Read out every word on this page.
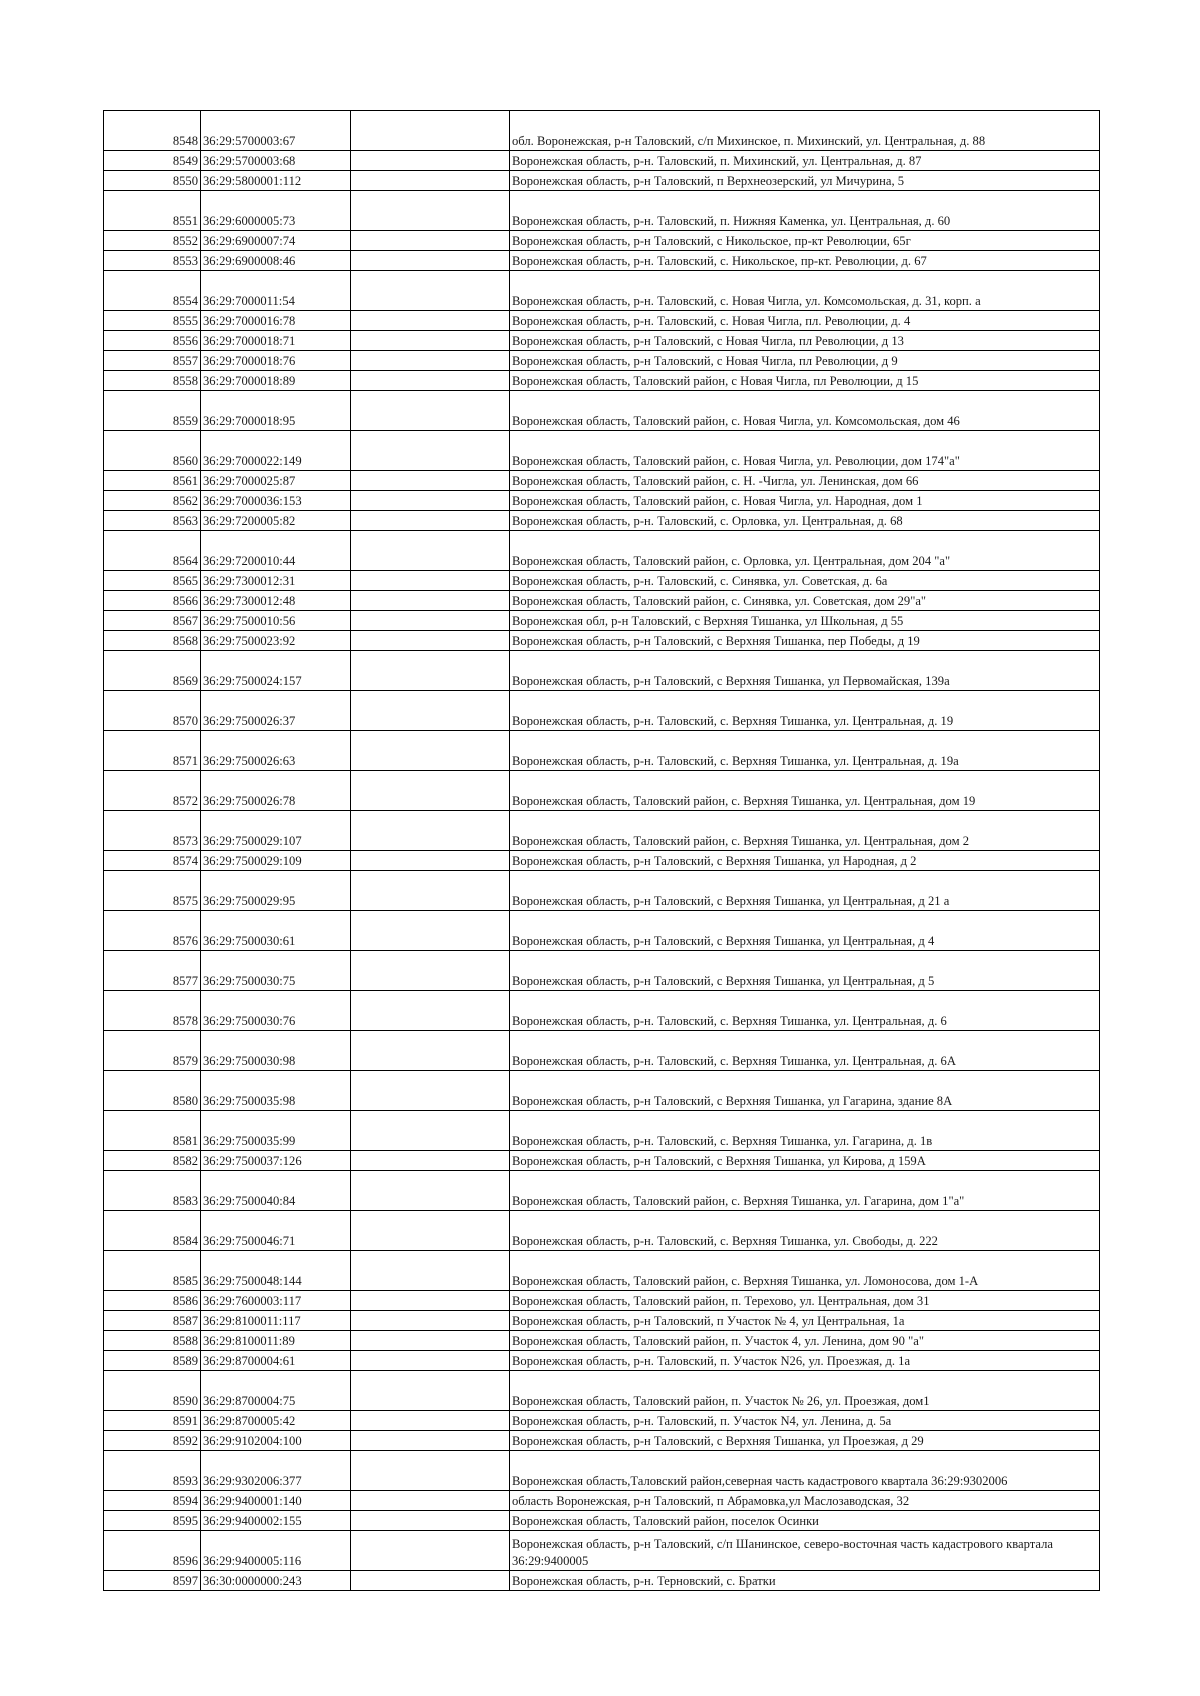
8548	36:29:5700003:67		обл. Воронежская, р-н Таловский, с/п Михинское, п. Михинский, ул. Центральная, д. 88
8549	36:29:5700003:68		Воронежская область, р-н. Таловский, п. Михинский, ул. Центральная, д. 87
8550	36:29:5800001:112		Воронежская область, р-н Таловский, п Верхнеозерский, ул Мичурина, 5
8551	36:29:6000005:73		Воронежская область, р-н. Таловский, п. Нижняя Каменка, ул. Центральная, д. 60
8552	36:29:6900007:74		Воронежская область, р-н Таловский, с Никольское, пр-кт Революции, 65г
8553	36:29:6900008:46		Воронежская область, р-н. Таловский, с. Никольское, пр-кт. Революции, д. 67
8554	36:29:7000011:54		Воронежская область, р-н. Таловский, с. Новая Чигла, ул. Комсомольская, д. 31, корп. а
8555	36:29:7000016:78		Воронежская область, р-н. Таловский, с. Новая Чигла, пл. Революции, д. 4
8556	36:29:7000018:71		Воронежская область, р-н Таловский, с Новая Чигла, пл Революции, д 13
8557	36:29:7000018:76		Воронежская область, р-н Таловский, с Новая Чигла, пл Революции, д 9
8558	36:29:7000018:89		Воронежская область, Таловский район, с Новая Чигла, пл Революции, д 15
8559	36:29:7000018:95		Воронежская область, Таловский район, с. Новая Чигла, ул. Комсомольская, дом 46
8560	36:29:7000022:149		Воронежская область, Таловский район, с. Новая Чигла, ул. Революции, дом 174"а"
8561	36:29:7000025:87		Воронежская область, Таловский район, с. Н. -Чигла, ул. Ленинская, дом 66
8562	36:29:7000036:153		Воронежская область, Таловский район, с. Новая Чигла, ул. Народная, дом 1
8563	36:29:7200005:82		Воронежская область, р-н. Таловский, с. Орловка, ул. Центральная, д. 68
8564	36:29:7200010:44		Воронежская область, Таловский район, с. Орловка, ул. Центральная, дом 204 "а"
8565	36:29:7300012:31		Воронежская область, р-н. Таловский, с. Синявка, ул. Советская, д. 6а
8566	36:29:7300012:48		Воронежская область, Таловский район, с. Синявка, ул. Советская, дом 29"а"
8567	36:29:7500010:56		Воронежская обл, р-н Таловский, с Верхняя Тишанка, ул Школьная, д 55
8568	36:29:7500023:92		Воронежская область, р-н Таловский, с Верхняя Тишанка, пер Победы, д 19
8569	36:29:7500024:157		Воронежская область, р-н Таловский, с Верхняя Тишанка, ул Первомайская, 139а
8570	36:29:7500026:37		Воронежская область, р-н. Таловский, с. Верхняя Тишанка, ул. Центральная, д. 19
8571	36:29:7500026:63		Воронежская область, р-н. Таловский, с. Верхняя Тишанка, ул. Центральная, д. 19а
8572	36:29:7500026:78		Воронежская область, Таловский район, с. Верхняя Тишанка, ул. Центральная, дом 19
8573	36:29:7500029:107		Воронежская область, Таловский район, с. Верхняя Тишанка, ул. Центральная, дом 2
8574	36:29:7500029:109		Воронежская область, р-н Таловский, с Верхняя Тишанка, ул Народная, д 2
8575	36:29:7500029:95		Воронежская область, р-н Таловский, с Верхняя Тишанка, ул Центральная, д 21 а
8576	36:29:7500030:61		Воронежская область, р-н Таловский, с Верхняя Тишанка, ул Центральная, д 4
8577	36:29:7500030:75		Воронежская область, р-н Таловский, с Верхняя Тишанка, ул Центральная, д 5
8578	36:29:7500030:76		Воронежская область, р-н. Таловский, с. Верхняя Тишанка, ул. Центральная, д. 6
8579	36:29:7500030:98		Воронежская область, р-н. Таловский, с. Верхняя Тишанка, ул. Центральная, д. 6А
8580	36:29:7500035:98		Воронежская область, р-н Таловский, с Верхняя Тишанка, ул Гагарина, здание 8А
8581	36:29:7500035:99		Воронежская область, р-н. Таловский, с. Верхняя Тишанка, ул. Гагарина, д. 1в
8582	36:29:7500037:126		Воронежская область, р-н Таловский, с Верхняя Тишанка, ул Кирова, д 159А
8583	36:29:7500040:84		Воронежская область, Таловский район, с. Верхняя Тишанка, ул. Гагарина, дом 1"а"
8584	36:29:7500046:71		Воронежская область, р-н. Таловский, с. Верхняя Тишанка, ул. Свободы, д. 222
8585	36:29:7500048:144		Воронежская область, Таловский район, с. Верхняя Тишанка, ул. Ломоносова, дом 1-А
8586	36:29:7600003:117		Воронежская область, Таловский район, п. Терехово, ул. Центральная, дом 31
8587	36:29:8100011:117		Воронежская область, р-н Таловский, п Участок № 4, ул Центральная, 1а
8588	36:29:8100011:89		Воронежская область, Таловский район, п. Участок 4, ул. Ленина, дом 90 "а"
8589	36:29:8700004:61		Воронежская область, р-н. Таловский, п. Участок N26, ул. Проезжая, д. 1а
8590	36:29:8700004:75		Воронежская область, Таловский район, п. Участок № 26, ул. Проезжая, дом1
8591	36:29:8700005:42		Воронежская область, р-н. Таловский, п. Участок N4, ул. Ленина, д. 5а
8592	36:29:9102004:100		Воронежская область, р-н Таловский, с Верхняя Тишанка, ул Проезжая, д 29
8593	36:29:9302006:377		Воронежская область,Таловский район,северная часть кадастрового квартала 36:29:9302006
8594	36:29:9400001:140		область Воронежская, р-н Таловский, п Абрамовка,ул Маслозаводская, 32
8595	36:29:9400002:155		Воронежская область, Таловский район, поселок Осинки
8596	36:29:9400005:116		Воронежская область, р-н Таловский, с/п Шанинское, северо-восточная часть кадастрового квартала 36:29:9400005
8597	36:30:0000000:243		Воронежская область, р-н. Терновский, с. Братки
